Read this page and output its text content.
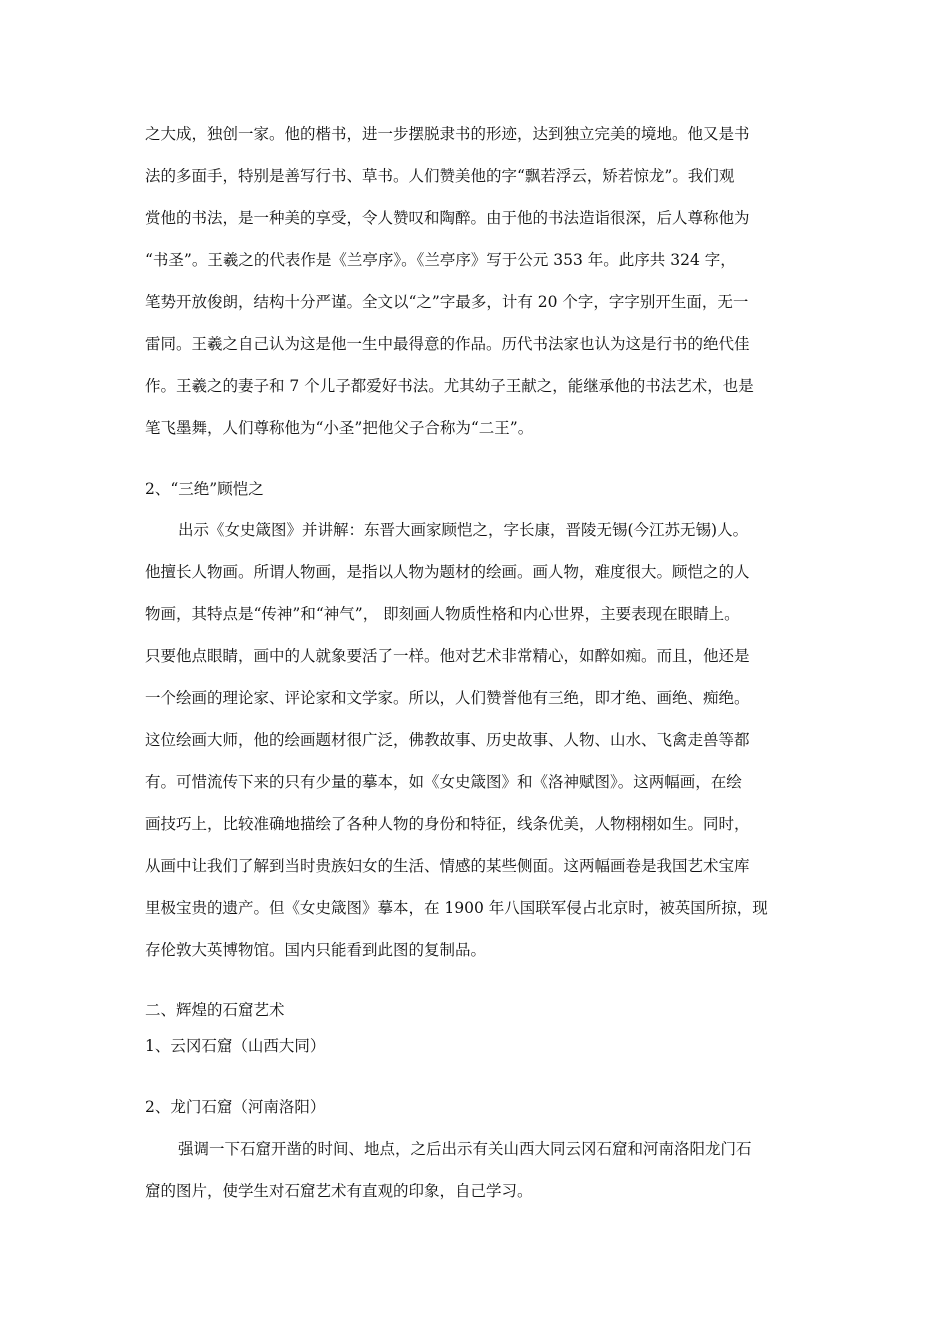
之大成，独创一家。他的楷书，进一步摆脱隶书的形迹，达到独立完美的境地。他又是书
法的多面手，特别是善写行书、草书。人们赞美他的字“飘若浮云，矫若惊龙”。我们观
赏他的书法，是一种美的享受，令人赞叹和陶醉。由于他的书法造诣很深，后人尊称他为
“书圣”。王羲之的代表作是《兰亭序》。《兰亭序》写于公元 353 年。此序共 324 字，
笔势开放俊朗，结构十分严谨。全文以“之”字最多，计有 20 个字，字字别开生面，无一
雷同。王羲之自己认为这是他一生中最得意的作品。历代书法家也认为这是行书的绝代佳
作。王羲之的妻子和 7 个儿子都爱好书法。尤其幼子王献之，能继承他的书法艺术，也是
笔飞墨舞，人们尊称他为“小圣”把他父子合称为“二王”。
2、“三绝”顾恺之
出示《女史箴图》并讲解：东晋大画家顾恺之，字长康，晋陵无锡(今江苏无锡)人。
他擅长人物画。所谓人物画，是指以人物为题材的绘画。画人物，难度很大。顾恺之的人
物画，其特点是“传神”和“神气”， 即刻画人物质性格和内心世界，主要表现在眼睛上。
只要他点眼睛，画中的人就象要活了一样。他对艺术非常精心，如醉如痴。而且，他还是
一个绘画的理论家、评论家和文学家。所以，人们赞誉他有三绝，即才绝、画绝、痴绝。
这位绘画大师，他的绘画题材很广泛，佛教故事、历史故事、人物、山水、飞禽走兽等都
有。可惜流传下来的只有少量的摹本，如《女史箴图》和《洛神赋图》。这两幅画，在绘
画技巧上，比较准确地描绘了各种人物的身份和特征，线条优美，人物栩栩如生。同时，
从画中让我们了解到当时贵族妇女的生活、情感的某些侧面。这两幅画卷是我国艺术宝库
里极宝贵的遗产。但《女史箴图》摹本，在 1900 年八国联军侵占北京时，被英国所掠，现
存伦敦大英博物馆。国内只能看到此图的复制品。
二、辉煌的石窟艺术
1、云冈石窟（山西大同）
2、龙门石窟（河南洛阳）
强调一下石窟开凿的时间、地点，之后出示有关山西大同云冈石窟和河南洛阳龙门石
窟的图片，使学生对石窟艺术有直观的印象，自己学习。
